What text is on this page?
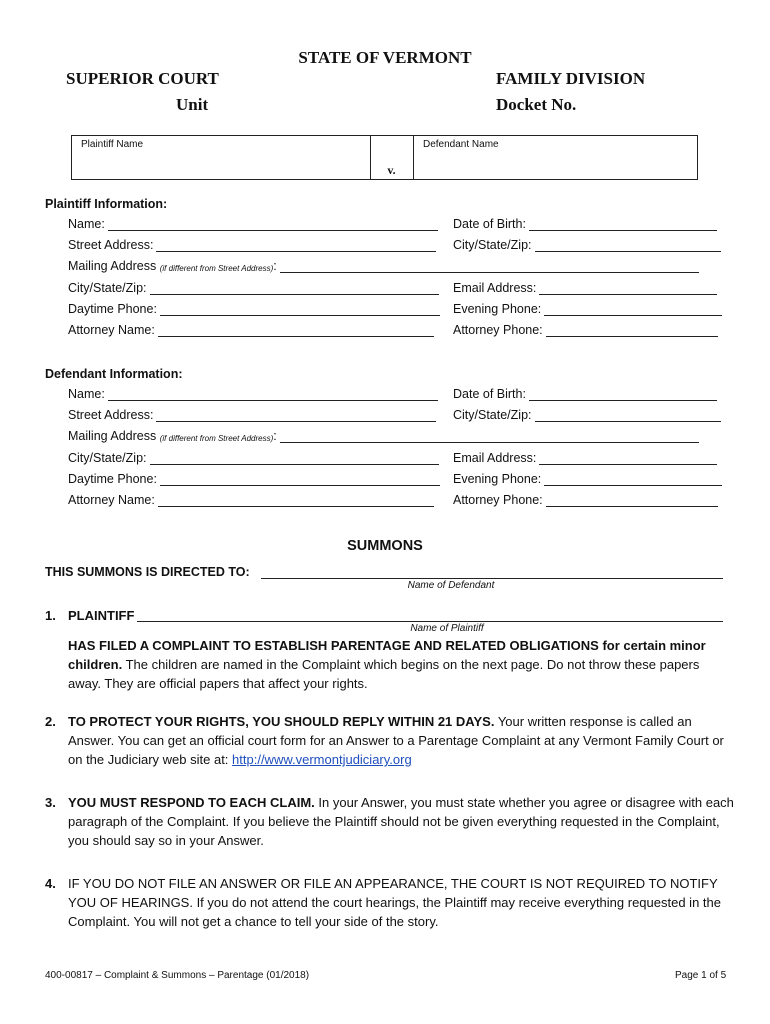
STATE OF VERMONT
SUPERIOR COURT
Unit
FAMILY DIVISION
Docket No.
Plaintiff Name
v.
Defendant Name
Plaintiff Information:
Name:	Date of Birth:
Street Address:	City/State/Zip:
Mailing Address
(if different from Street Address) :
City/State/Zip:	Email Address:
Daytime Phone:	Evening Phone:
Attorney Name:	Attorney Phone:
Defendant Information:
Name:	Date of Birth:
Street Address:	City/State/Zip:
Mailing Address
(if different from Street Address) :
City/State/Zip:	Email Address:
Daytime Phone:	Evening Phone:
Attorney Name:	Attorney Phone:
SUMMONS
THIS SUMMONS IS DIRECTED TO:
Name of Defendant
1. PLAINTIFF
Name of Plaintiff
HAS FILED A COMPLAINT TO ESTABLISH PARENTAGE AND RELATED OBLIGATIONS for certain minor children. The children are named in the Complaint which begins on the next page. Do not throw these papers away. They are official papers that affect your rights.
2. TO PROTECT YOUR RIGHTS, YOU SHOULD REPLY WITHIN 21 DAYS. Your written response is called an Answer. You can get an official court form for an Answer to a Parentage Complaint at any Vermont Family Court or on the Judiciary web site at: http://www.vermontjudiciary.org
3. YOU MUST RESPOND TO EACH CLAIM. In your Answer, you must state whether you agree or disagree with each paragraph of the Complaint. If you believe the Plaintiff should not be given everything requested in the Complaint, you should say so in your Answer.
4. IF YOU DO NOT FILE AN ANSWER OR FILE AN APPEARANCE, THE COURT IS NOT REQUIRED TO NOTIFY YOU OF HEARINGS. If you do not attend the court hearings, the Plaintiff may receive everything requested in the Complaint. You will not get a chance to tell your side of the story.
400-00817 – Complaint & Summons – Parentage (01/2018)	Page 1 of 5
